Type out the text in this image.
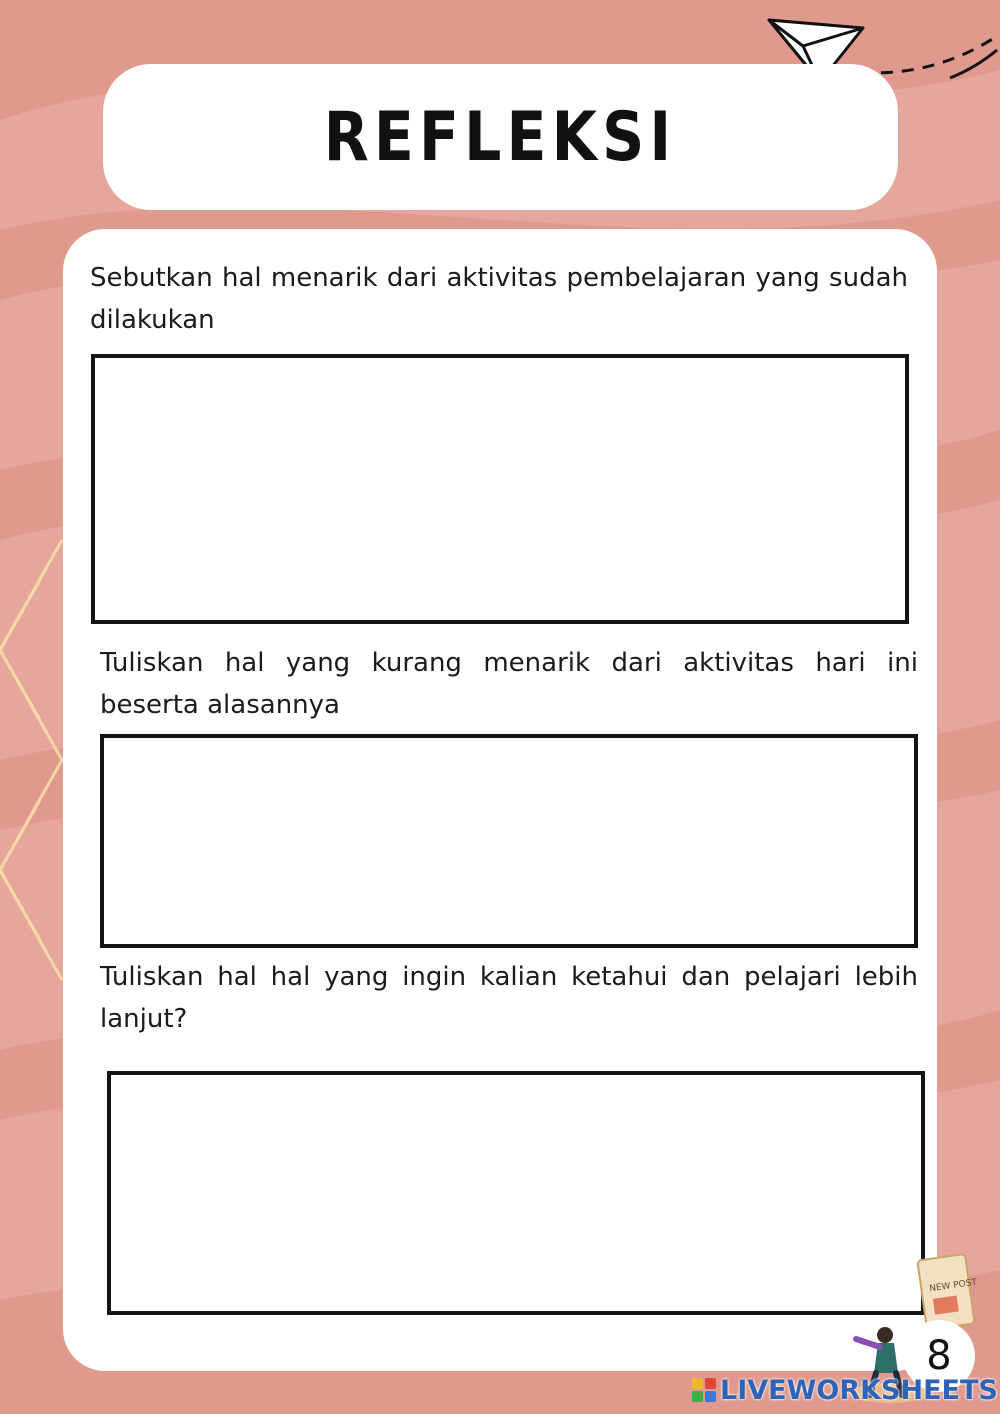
REFLEKSI

Sebutkan hal menarik dari aktivitas pembelajaran yang sudah dilakukan

Tuliskan hal yang kurang menarik dari aktivitas hari ini beserta alasannya

Tuliskan hal hal yang ingin kalian ketahui dan pelajari lebih lanjut?

NEW POST
8
LIVEWORKSHEETS
